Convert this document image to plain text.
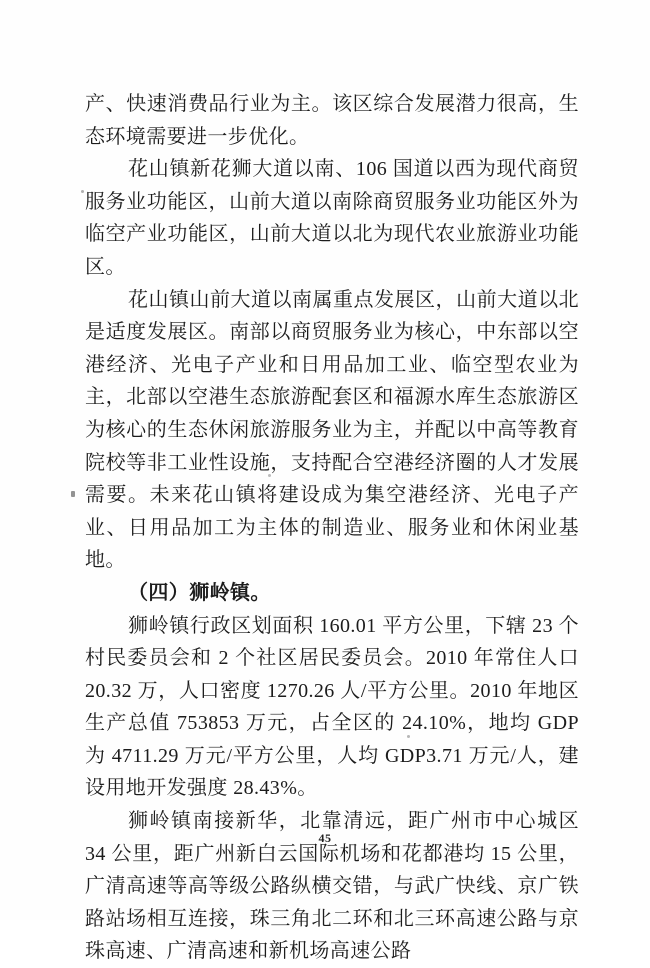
产、快速消费品行业为主。该区综合发展潜力很高，生态环境需要进一步优化。

花山镇新花狮大道以南、106 国道以西为现代商贸服务业功能区，山前大道以南除商贸服务业功能区外为临空产业功能区，山前大道以北为现代农业旅游业功能区。

花山镇山前大道以南属重点发展区，山前大道以北是适度发展区。南部以商贸服务业为核心，中东部以空港经济、光电子产业和日用品加工业、临空型农业为主，北部以空港生态旅游配套区和福源水库生态旅游区为核心的生态休闲旅游服务业为主，并配以中高等教育院校等非工业性设施，支持配合空港经济圈的人才发展需要。未来花山镇将建设成为集空港经济、光电子产业、日用品加工为主体的制造业、服务业和休闲业基地。

（四）狮岭镇。

狮岭镇行政区划面积 160.01 平方公里，下辖 23 个村民委员会和 2 个社区居民委员会。2010 年常住人口 20.32 万，人口密度 1270.26 人/平方公里。2010 年地区生产总值 753853 万元，占全区的 24.10%，地均 GDP 为 4711.29 万元/平方公里，人均 GDP3.71 万元/人，建设用地开发强度 28.43%。

狮岭镇南接新华，北靠清远，距广州市中心城区 34 公里，距广州新白云国际机场和花都港均 15 公里，广清高速等高等级公路纵横交错，与武广快线、京广铁路站场相互连接，珠三角北二环和北三环高速公路与京珠高速、广清高速和新机场高速公路

45
